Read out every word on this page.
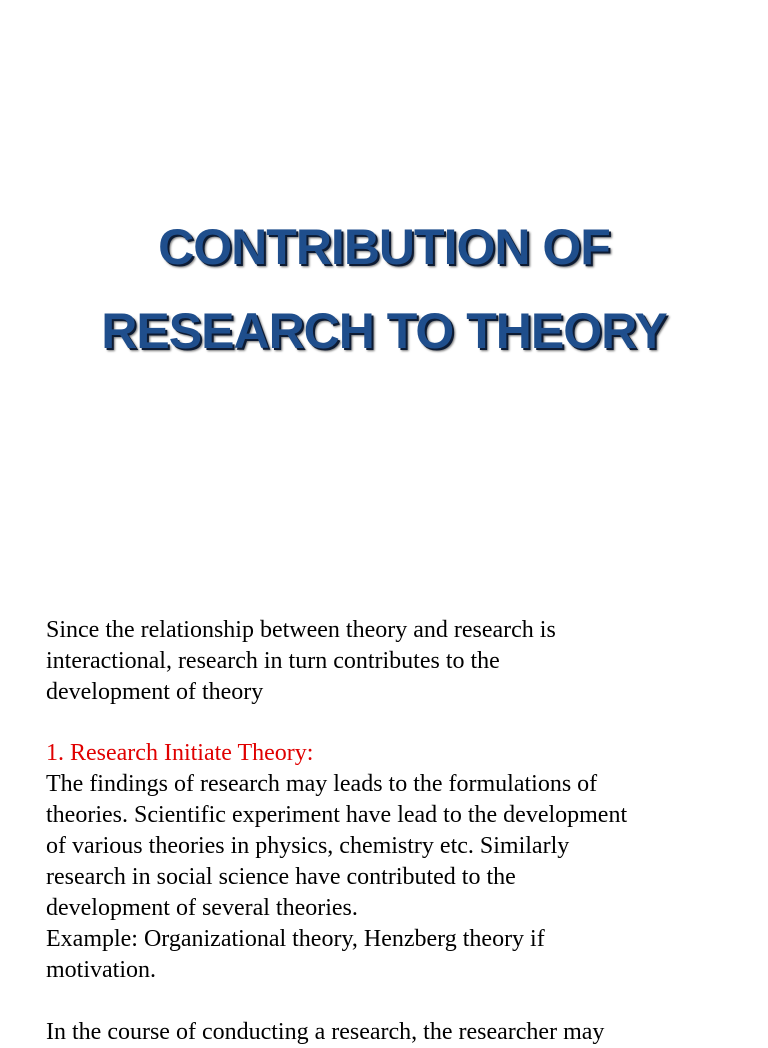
CONTRIBUTION OF
RESEARCH TO THEORY

Since the relationship between theory and research is
interactional, research in turn contributes to the
development of theory

1. Research Initiate Theory:

The findings of research may leads to the formulations of
theories. Scientific experiment have lead to the development
of various theories in physics, chemistry etc. Similarly
research in social science have contributed to the
development of several theories.
Example: Organizational theory, Henzberg theory if
motivation.

In the course of conducting a research, the researcher may
